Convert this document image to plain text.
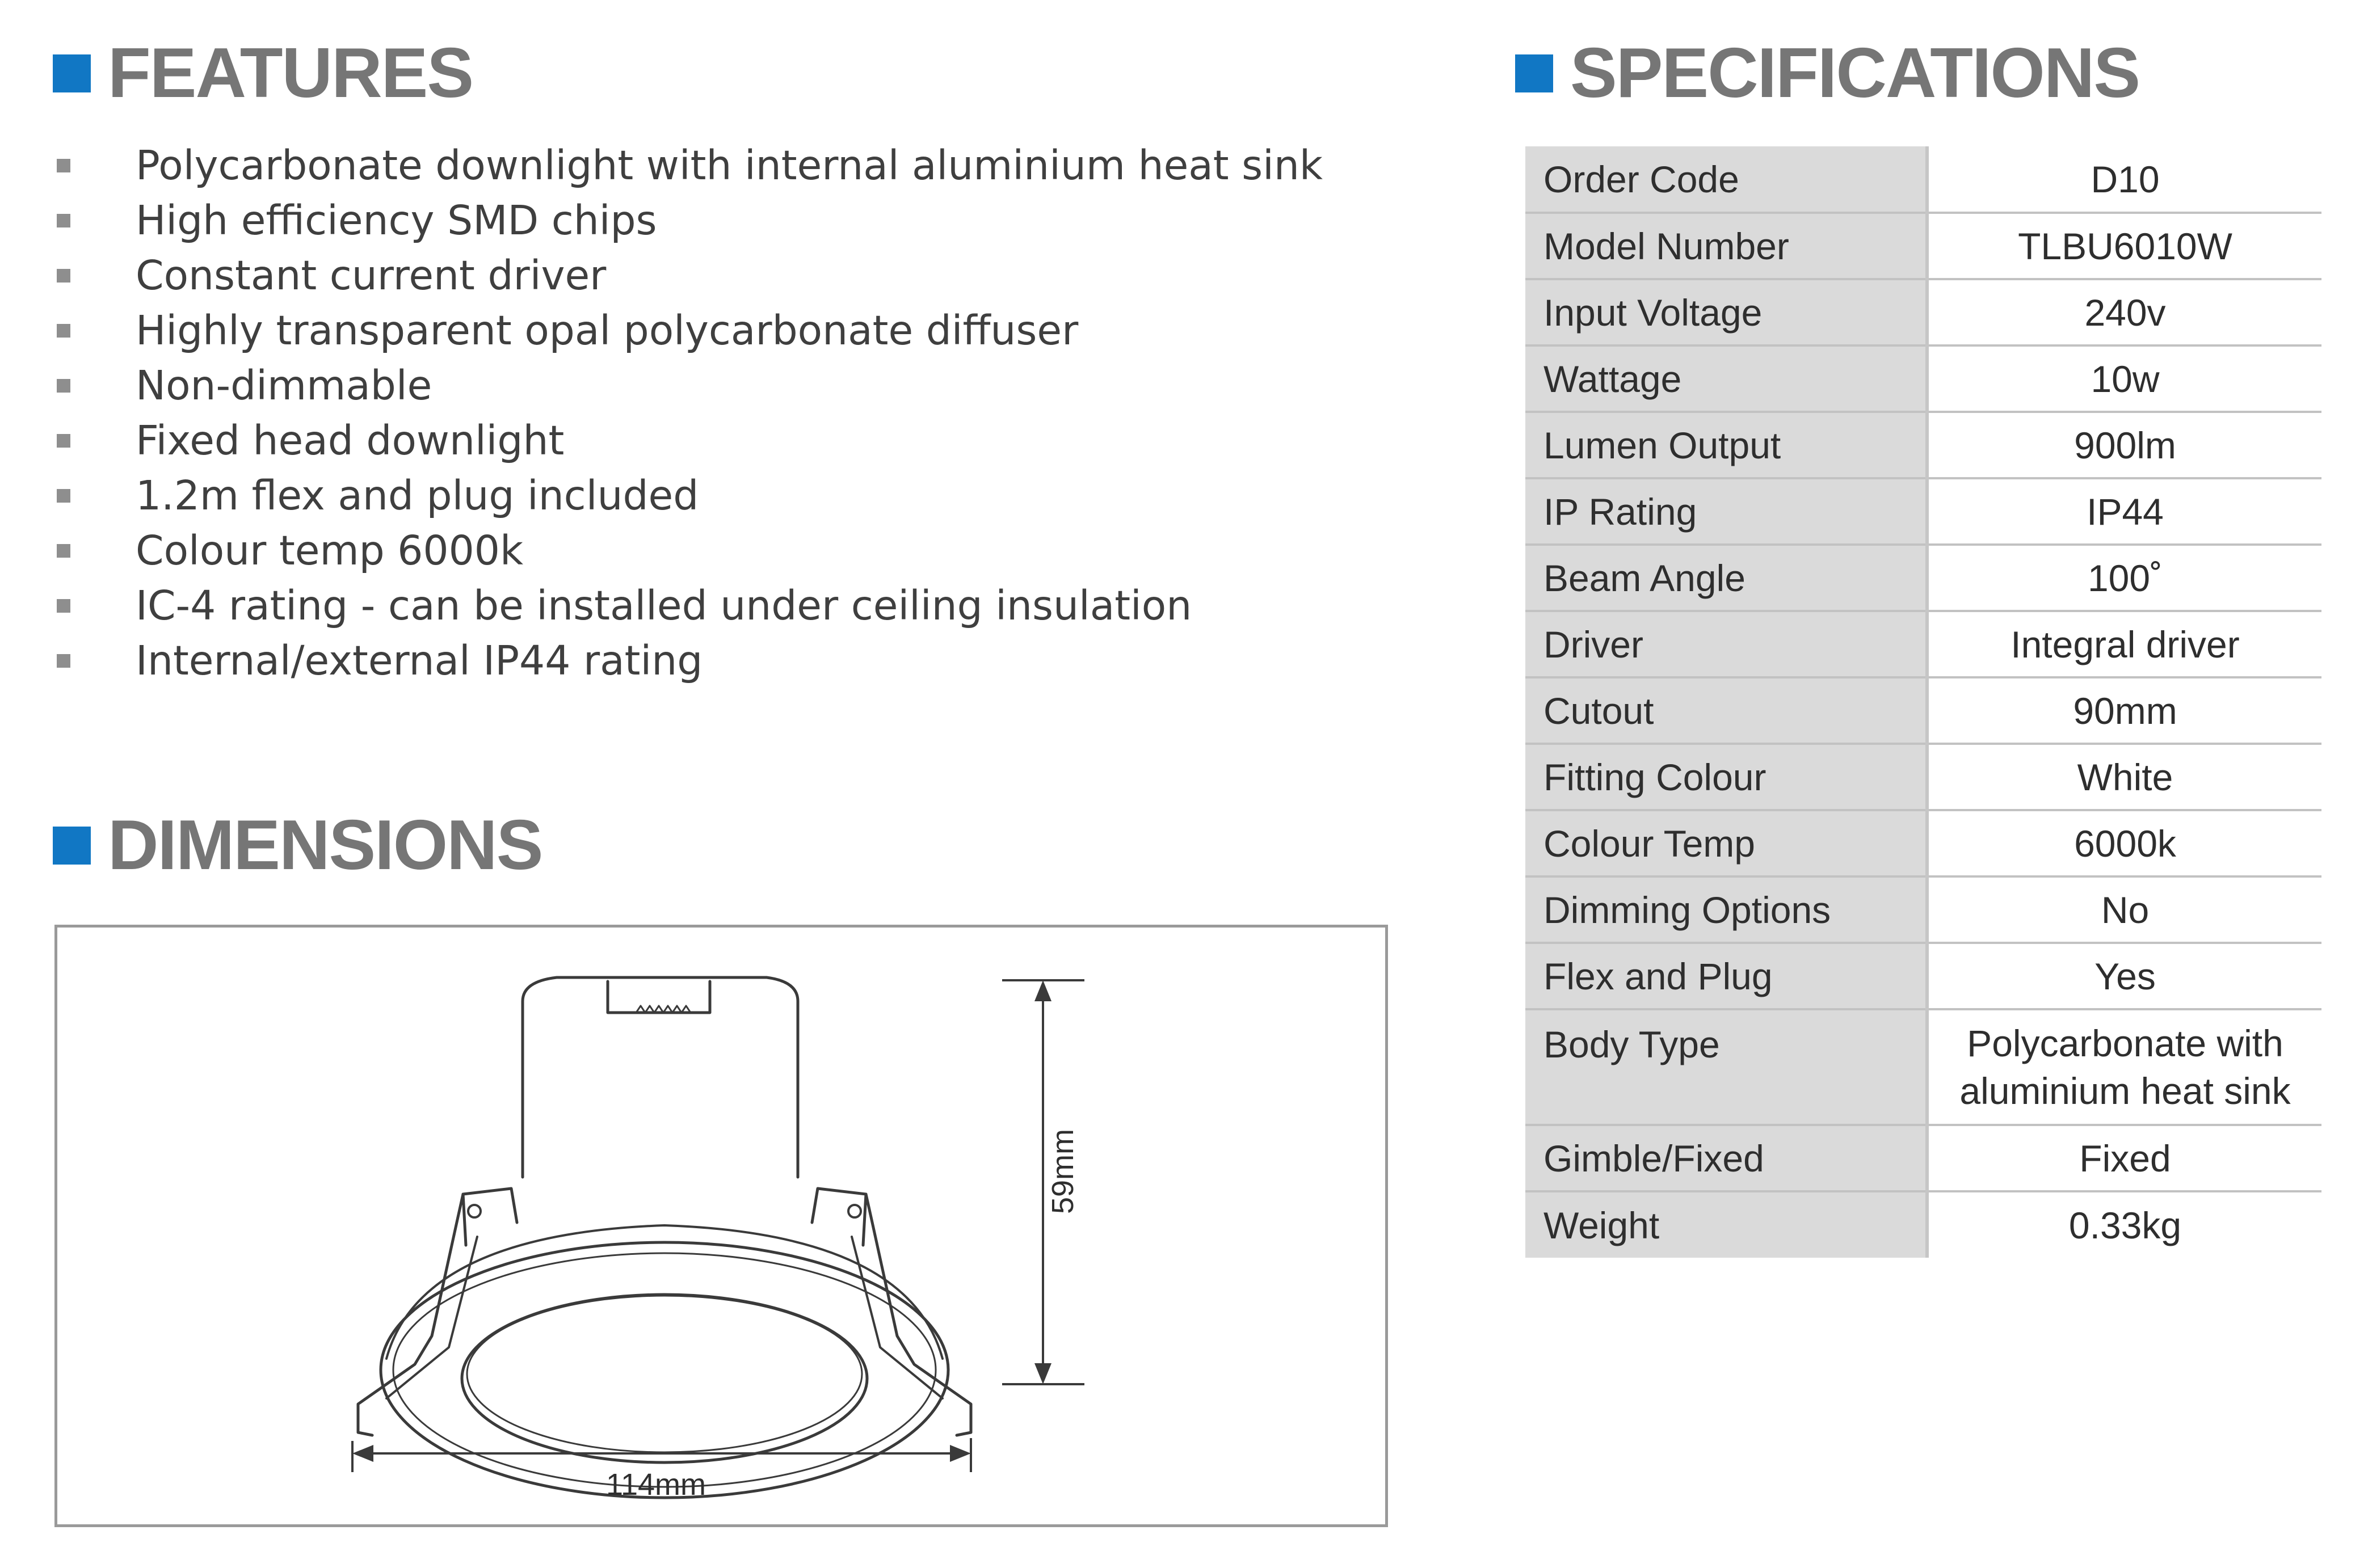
FEATURES
Polycarbonate downlight with internal aluminium heat sink
High efficiency SMD chips
Constant current driver
Highly transparent opal polycarbonate diffuser
Non-dimmable
Fixed head downlight
1.2m flex and plug included
Colour temp 6000k
IC-4 rating - can be installed under ceiling insulation
Internal/external IP44 rating
DIMENSIONS
59mm
114mm
SPECIFICATIONS
Order Code	D10
Model Number	TLBU6010W
Input Voltage	240v
Wattage	10w
Lumen Output	900lm
IP Rating	IP44
Beam Angle	100˚
Driver	Integral driver
Cutout	90mm
Fitting Colour	White
Colour Temp	6000k
Dimming Options	No
Flex and Plug	Yes
Body Type	Polycarbonate with
aluminium heat sink

Gimble/Fixed	Fixed
Weight	0.33kg
